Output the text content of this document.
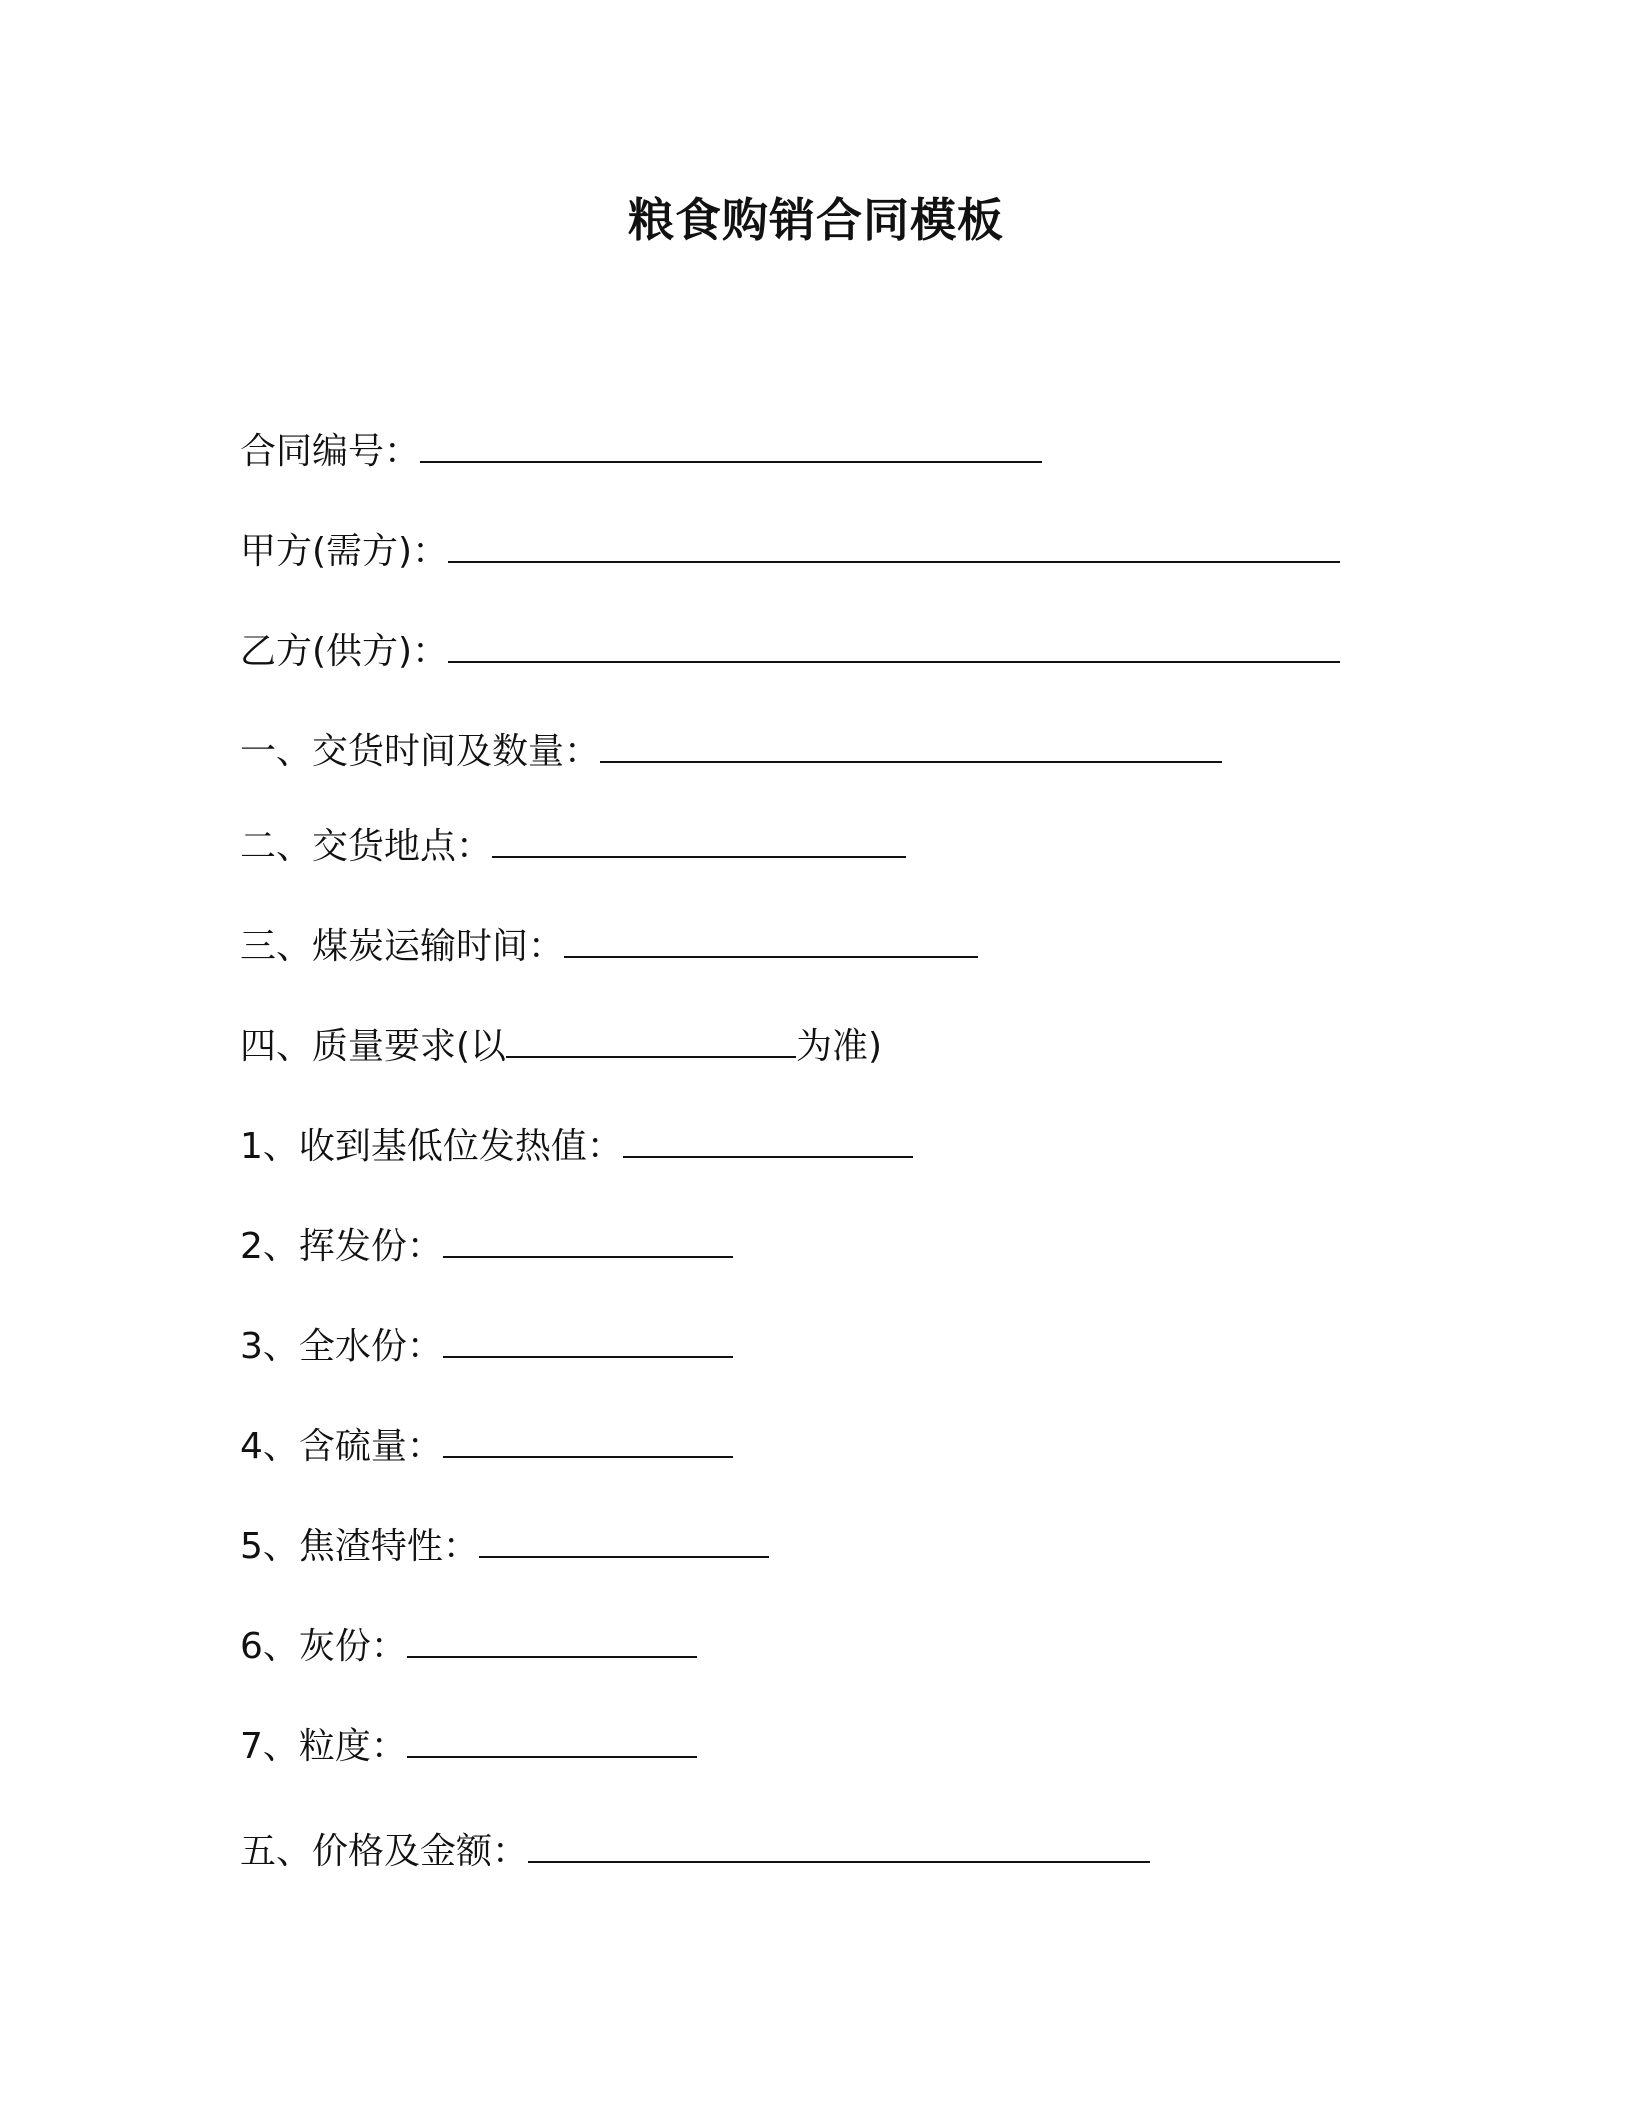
粮食购销合同模板
合同编号：
甲方(需方)：
乙方(供方)：
一、交货时间及数量：
二、交货地点：
三、煤炭运输时间：
四、质量要求(以	为准)
1、收到基低位发热值：
2、挥发份：
3、全水份：
4、含硫量：
5、焦渣特性：
6、灰份：
7、粒度：
五、价格及金额：
